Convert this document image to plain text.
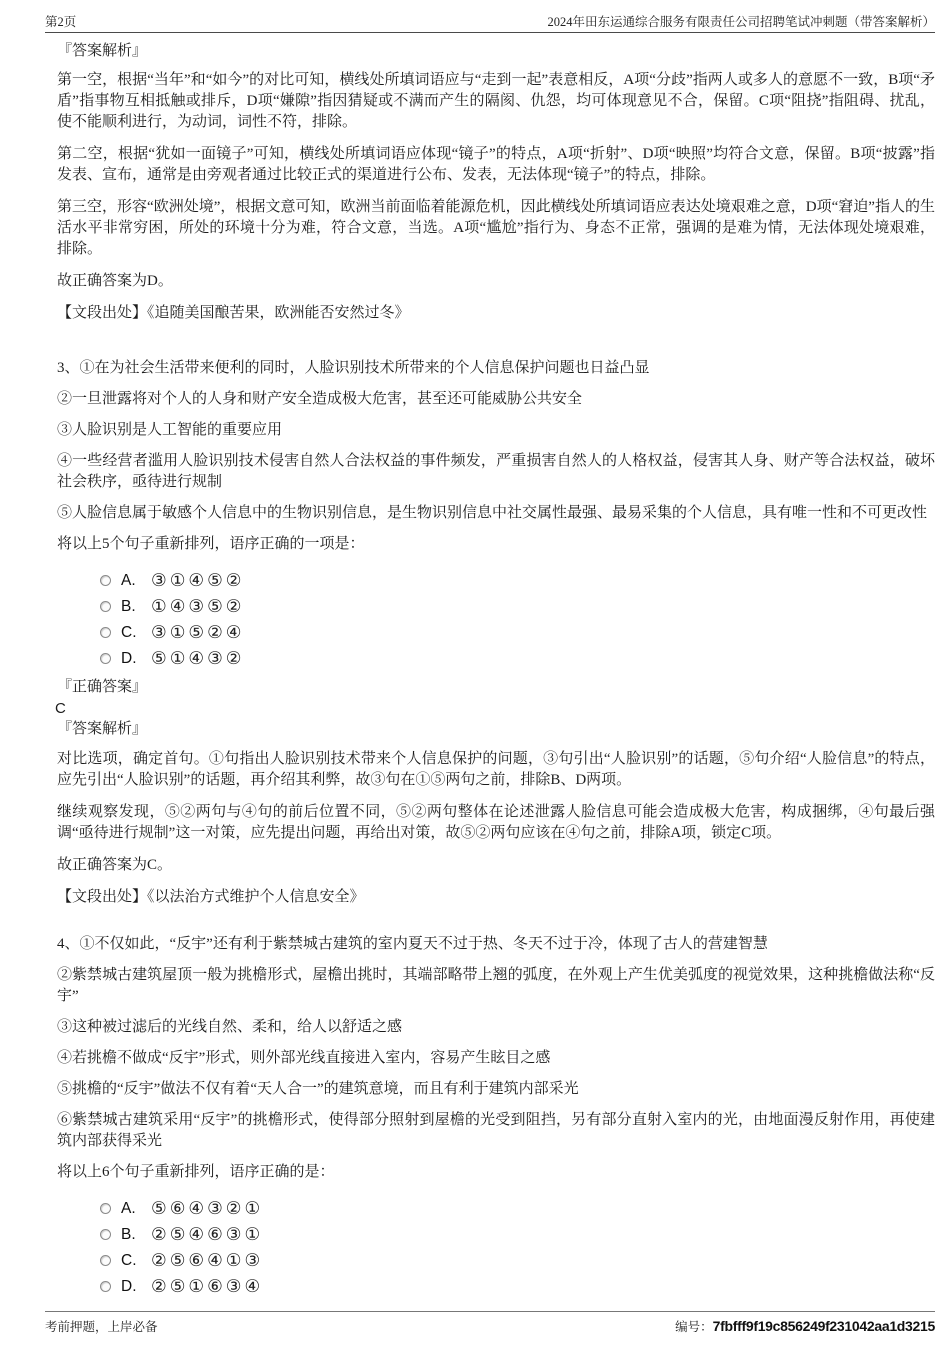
第2页	2024年田东运通综合服务有限责任公司招聘笔试冲刺题（带答案解析）
『答案解析』
第一空，根据“当年”和“如今”的对比可知，横线处所填词语应与“走到一起”表意相反，A项“分歧”指两人或多人的意愿不一致，B项“矛盾”指事物互相抵触或排斥，D项“嫌隙”指因猜疑或不满而产生的隔阂、仇怨，均可体现意见不合，保留。C项“阻挠”指阻碍、扰乱，使不能顺利进行，为动词，词性不符，排除。
第二空，根据“犹如一面镜子”可知，横线处所填词语应体现“镜子”的特点，A项“折射”、D项“映照”均符合文意，保留。B项“披露”指发表、宣布，通常是由旁观者通过比较正式的渠道进行公布、发表，无法体现“镜子”的特点，排除。
第三空，形容“欧洲处境”，根据文意可知，欧洲当前面临着能源危机，因此横线处所填词语应表达处境艰难之意，D项“窘迫”指人的生活水平非常穷困，所处的环境十分为难，符合文意，当选。A项“尴尬”指行为、身态不正常，强调的是难为情，无法体现处境艰难，排除。
故正确答案为D。
【文段出处】《追随美国酿苦果，欧洲能否安然过冬》
3、①在为社会生活带来便利的同时，人脸识别技术所带来的个人信息保护问题也日益凸显
②一旦泄露将对个人的人身和财产安全造成极大危害，甚至还可能威胁公共安全
③人脸识别是人工智能的重要应用
④一些经营者滥用人脸识别技术侵害自然人合法权益的事件频发，严重损害自然人的人格权益，侵害其人身、财产等合法权益，破坏社会秩序，亟待进行规制
⑤人脸信息属于敏感个人信息中的生物识别信息，是生物识别信息中社交属性最强、最易采集的个人信息，具有唯一性和不可更改性
将以上5个句子重新排列，语序正确的一项是：
A. ③①④⑤②
B. ①④③⑤②
C. ③①⑤②④
D. ⑤①④③②
『正确答案』
C
『答案解析』
对比选项，确定首句。①句指出人脸识别技术带来个人信息保护的问题，③句引出“人脸识别”的话题，⑤句介绍“人脸信息”的特点，应先引出“人脸识别”的话题，再介绍其利弊，故③句在①⑤两句之前，排除B、D两项。
继续观察发现，⑤②两句与④句的前后位置不同，⑤②两句整体在论述泄露人脸信息可能会造成极大危害，构成捆绑，④句最后强调“亟待进行规制”这一对策，应先提出问题，再给出对策，故⑤②两句应该在④句之前，排除A项，锁定C项。
故正确答案为C。
【文段出处】《以法治方式维护个人信息安全》
4、①不仅如此，“反宇”还有利于紫禁城古建筑的室内夏天不过于热、冬天不过于冷，体现了古人的营建智慧
②紫禁城古建筑屋顶一般为挑檐形式，屋檐出挑时，其端部略带上翘的弧度，在外观上产生优美弧度的视觉效果，这种挑檐做法称“反宇”
③这种被过滤后的光线自然、柔和，给人以舒适之感
④若挑檐不做成“反宇”形式，则外部光线直接进入室内，容易产生眩目之感
⑤挑檐的“反宇”做法不仅有着“天人合一”的建筑意境，而且有利于建筑内部采光
⑥紫禁城古建筑采用“反宇”的挑檐形式，使得部分照射到屋檐的光受到阻挡，另有部分直射入室内的光，由地面漫反射作用，再使建筑内部获得采光
将以上6个句子重新排列，语序正确的是：
A. ⑤⑥④③②①
B. ②⑤④⑥③①
C. ②⑤⑥④①③
D. ②⑤①⑥③④
考前押题，上岸必备	编号： 7fbfff9f19c856249f231042aa1d3215
